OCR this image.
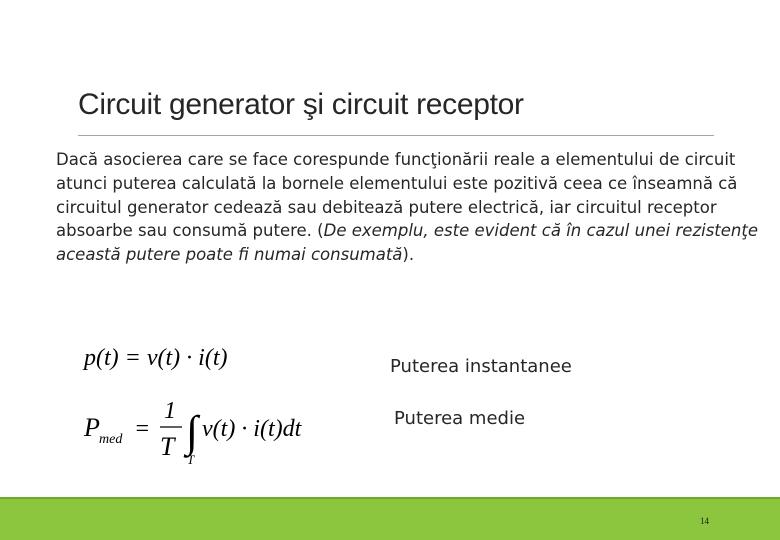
Circuit generator şi circuit receptor
Dacă asocierea care se face corespunde funcţionării reale a elementului de circuit atunci puterea calculată la bornele elementului este pozitivă ceea ce înseamnă că circuitul generator cedează sau debitează putere electrică, iar circuitul receptor absoarbe sau consumă putere. (De exemplu, este evident că în cazul unei rezistenţe această putere poate fi numai consumată).
p(t) = v(t) · i(t)
P med =
1
T ∫
T
v(t) · i(t)dt
Puterea instantanee
Puterea medie
14
